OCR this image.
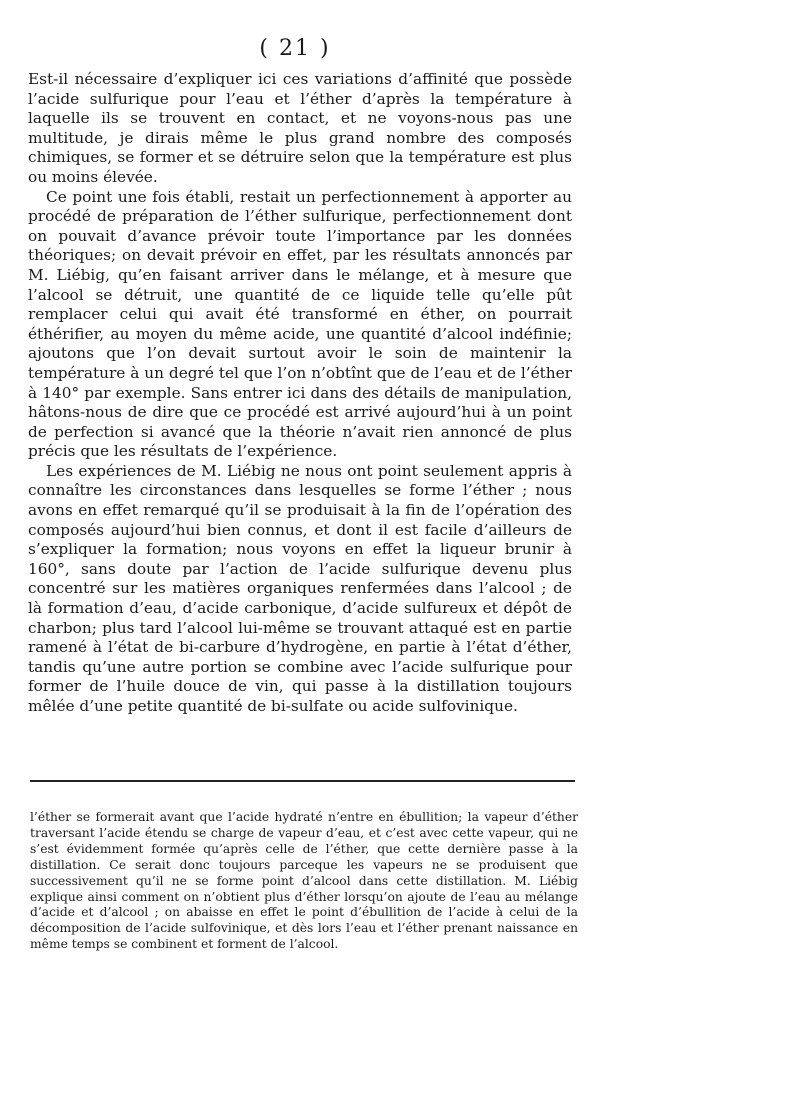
( 21 )

Est-il nécessaire d’expliquer ici ces variations d’affinité que possède l’acide sulfurique pour l’eau et l’éther d’après la température à laquelle ils se trouvent en contact, et ne voyons-nous pas une multitude, je dirais même le plus grand nombre des composés chimiques, se former et se détruire selon que la température est plus ou moins élevée.

Ce point une fois établi, restait un perfectionnement à apporter au procédé de préparation de l’éther sulfurique, perfectionnement dont on pouvait d’avance prévoir toute l’importance par les données théoriques; on devait prévoir en effet, par les résultats annoncés par M. Liébig, qu’en faisant arriver dans le mélange, et à mesure que l’alcool se détruit, une quantité de ce liquide telle qu’elle pût remplacer celui qui avait été transformé en éther, on pourrait éthérifier, au moyen du même acide, une quantité d’alcool indéfinie; ajoutons que l’on devait surtout avoir le soin de maintenir la température à un degré tel que l’on n’obtînt que de l’eau et de l’éther à 140° par exemple. Sans entrer ici dans des détails de manipulation, hâtons-nous de dire que ce procédé est arrivé aujourd’hui à un point de perfection si avancé que la théorie n’avait rien annoncé de plus précis que les résultats de l’expérience.

Les expériences de M. Liébig ne nous ont point seulement appris à connaître les circonstances dans lesquelles se forme l’éther ; nous avons en effet remarqué qu’il se produisait à la fin de l’opération des composés aujourd’hui bien connus, et dont il est facile d’ailleurs de s’expliquer la formation; nous voyons en effet la liqueur brunir à 160°, sans doute par l’action de l’acide sulfurique devenu plus concentré sur les matières organiques renfermées dans l’alcool ; de là formation d’eau, d’acide carbonique, d’acide sulfureux et dépôt de charbon; plus tard l’alcool lui-même se trouvant attaqué est en partie ramené à l’état de bi-carbure d’hydrogène, en partie à l’état d’éther, tandis qu’une autre portion se combine avec l’acide sulfurique pour former de l’huile douce de vin, qui passe à la distillation toujours mêlée d’une petite quantité de bi-sulfate ou acide sulfovinique.

l’éther se formerait avant que l’acide hydraté n’entre en ébullition; la vapeur d’éther traversant l’acide étendu se charge de vapeur d’eau, et c’est avec cette vapeur, qui ne s’est évidemment formée qu’après celle de l’éther, que cette dernière passe à la distillation. Ce serait donc toujours parceque les vapeurs ne se produisent que successivement qu’il ne se forme point d’alcool dans cette distillation. M. Liébig explique ainsi comment on n’obtient plus d’éther lorsqu’on ajoute de l’eau au mélange d’acide et d’alcool ; on abaisse en effet le point d’ébullition de l’acide à celui de la décomposition de l’acide sulfovinique, et dès lors l’eau et l’éther prenant naissance en même temps se combinent et forment de l’alcool.
